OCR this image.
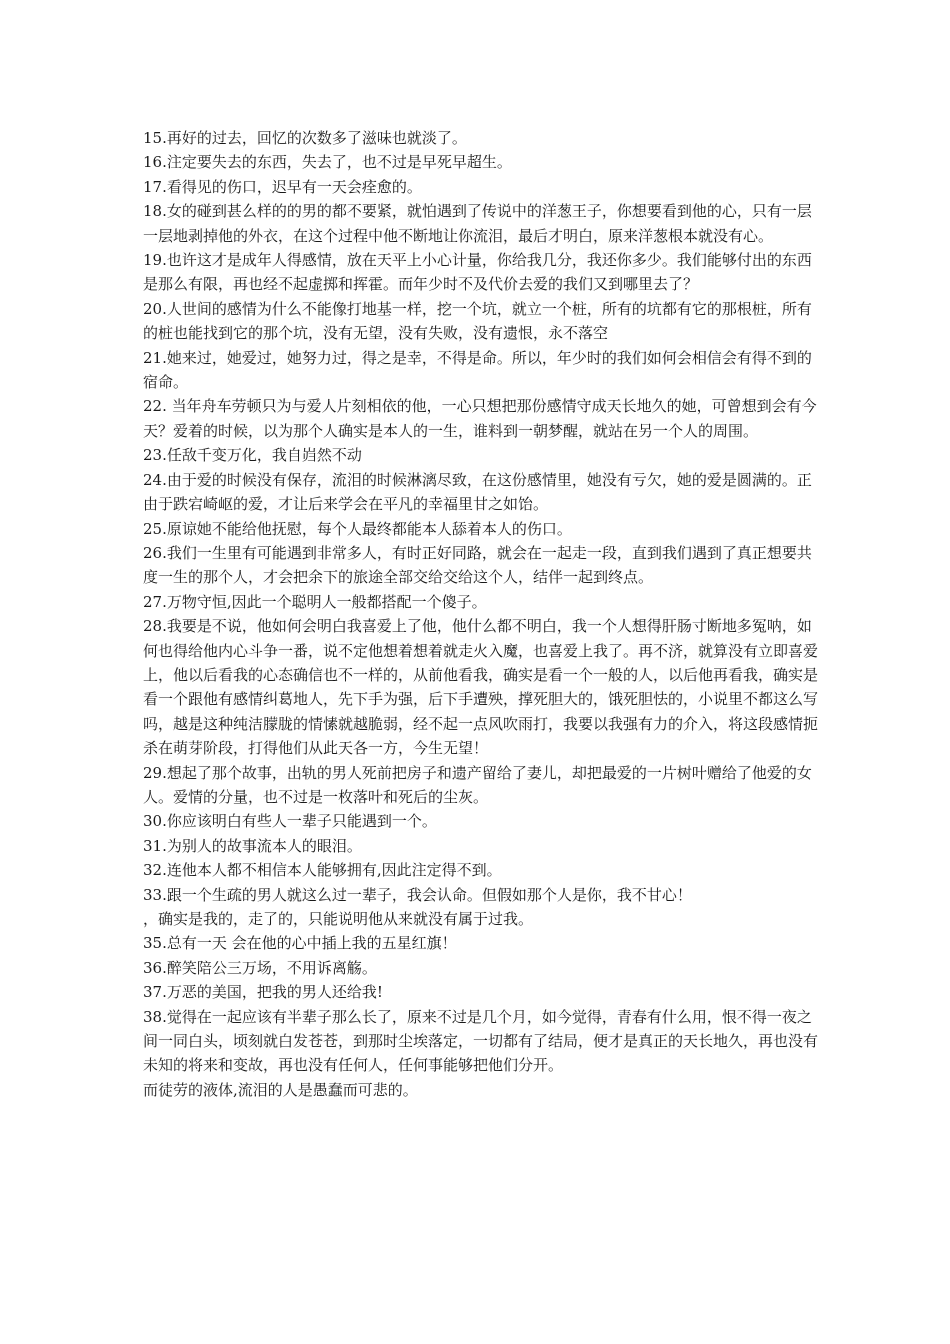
15.再好的过去，回忆的次数多了滋味也就淡了。

16.注定要失去的东西，失去了，也不过是早死早超生。

17.看得见的伤口，迟早有一天会痊愈的。

18.女的碰到甚么样的的男的都不要紧，就怕遇到了传说中的洋葱王子，你想要看到他的心，只有一层一层地剥掉他的外衣，在这个过程中他不断地让你流泪，最后才明白，原来洋葱根本就没有心。

19.也许这才是成年人得感情，放在天平上小心计量，你给我几分，我还你多少。我们能够付出的东西是那么有限，再也经不起虚掷和挥霍。而年少时不及代价去爱的我们又到哪里去了？

20.人世间的感情为什么不能像打地基一样，挖一个坑，就立一个桩，所有的坑都有它的那根桩，所有的桩也能找到它的那个坑，没有无望，没有失败，没有遗恨，永不落空

21.她来过，她爱过，她努力过，得之是幸，不得是命。所以，年少时的我们如何会相信会有得不到的宿命。

22. 当年舟车劳顿只为与爱人片刻相依的他，一心只想把那份感情守成天长地久的她，可曾想到会有今天？爱着的时候，以为那个人确实是本人的一生，谁料到一朝梦醒，就站在另一个人的周围。

23.任敌千变万化，我自岿然不动

24.由于爱的时候没有保存，流泪的时候淋漓尽致，在这份感情里，她没有亏欠，她的爱是圆满的。正由于跌宕崎岖的爱，才让后来学会在平凡的幸福里甘之如饴。

25.原谅她不能给他抚慰，每个人最终都能本人舔着本人的伤口。

26.我们一生里有可能遇到非常多人，有时正好同路，就会在一起走一段，直到我们遇到了真正想要共度一生的那个人，才会把余下的旅途全部交给交给这个人，结伴一起到终点。

27.万物守恒,因此一个聪明人一般都搭配一个傻子。

28.我要是不说，他如何会明白我喜爱上了他，他什么都不明白，我一个人想得肝肠寸断地多冤呐，如何也得给他内心斗争一番，说不定他想着想着就走火入魔，也喜爱上我了。再不济，就算没有立即喜爱上，他以后看我的心态确信也不一样的，从前他看我，确实是看一个一般的人，以后他再看我，确实是看一个跟他有感情纠葛地人，先下手为强，后下手遭殃，撑死胆大的，饿死胆怯的，小说里不都这么写吗，越是这种纯洁朦胧的情愫就越脆弱，经不起一点风吹雨打，我要以我强有力的介入，将这段感情扼杀在萌芽阶段，打得他们从此天各一方，今生无望！

29.想起了那个故事，出轨的男人死前把房子和遗产留给了妻儿，却把最爱的一片树叶赠给了他爱的女人。爱情的分量，也不过是一枚落叶和死后的尘灰。

30.你应该明白有些人一辈子只能遇到一个。

31.为别人的故事流本人的眼泪。

32.连他本人都不相信本人能够拥有,因此注定得不到。

33.跟一个生疏的男人就这么过一辈子，我会认命。但假如那个人是你，我不甘心！

，确实是我的，走了的，只能说明他从来就没有属于过我。

35.总有一天 会在他的心中插上我的五星红旗！

36.醉笑陪公三万场，不用诉离觞。

37.万恶的美国，把我的男人还给我!

38.觉得在一起应该有半辈子那么长了，原来不过是几个月，如今觉得，青春有什么用，恨不得一夜之间一同白头，顷刻就白发苍苍，到那时尘埃落定，一切都有了结局，便才是真正的天长地久，再也没有未知的将来和变故，再也没有任何人，任何事能够把他们分开。

而徒劳的液体,流泪的人是愚蠢而可悲的。
